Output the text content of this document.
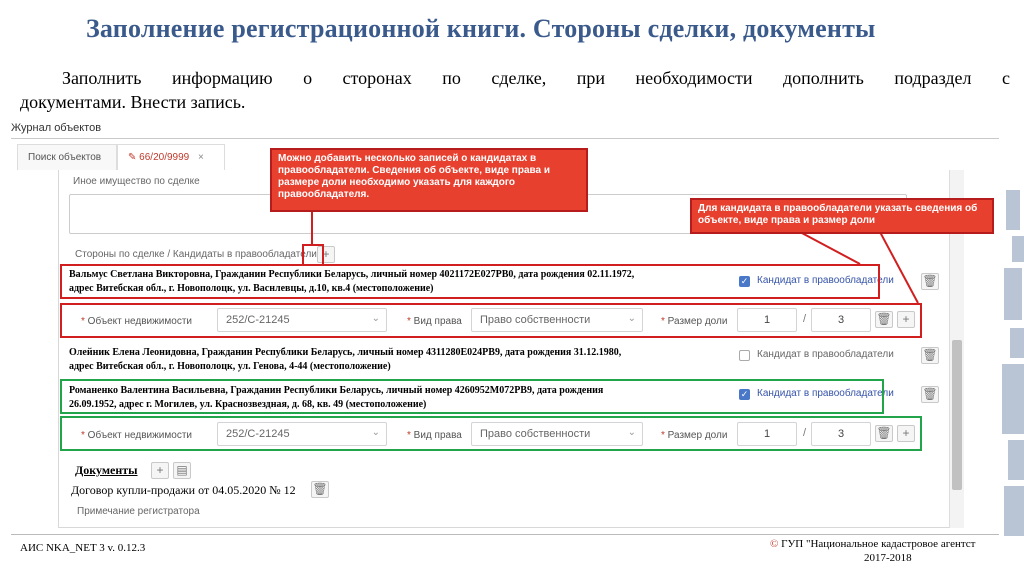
Заполнение регистрационной книги. Стороны сделки, документы
Заполнить информацию о сторонах по сделке, при необходимости дополнить подраздел с
документами. Внести запись.
Журнал объектов
Поиск объектов	✎ 66/20/9999 ×
Иное имущество по сделке
Стороны по сделке / Кандидаты в правообладатели +
Вальмус Светлана Викторовна, Гражданин Республики Беларусь, личный номер 4021172E027PB0, дата рождения 02.11.1972,
адрес Витебская обл., г. Новополоцк, ул. Васнлевцы, д.10, кв.4 (местоположение)
✓ Кандидат в правообладатели 🗑
* Объект недвижимости	252/C-21245	⌄	* Вид права	Право собственности	⌄	* Размер доли	1	/	3	🗑 +
Олейник Елена Леонидовна, Гражданин Республики Беларусь, личный номер 4311280E024PB9, дата рождения 31.12.1980,
адрес Витебская обл., г. Новополоцк, ул. Генова, 4-44 (местоположение)
Кандидат в правообладатели 🗑
Романенко Валентина Васильевна, Гражданин Республики Беларусь, личный номер 4260952M072PB9, дата рождения
26.09.1952, адрес г. Могилев, ул. Краснозвездная, д. 68, кв. 49 (местоположение)
✓ Кандидат в правообладатели 🗑
* Объект недвижимости	252/C-21245	⌄	* Вид права	Право собственности	⌄	* Размер доли	1	/	3	🗑 +
Документы	+	▤
Договор купли-продажи от 04.05.2020 № 12 🗑
Примечание регистратора
Можно добавить несколько записей о кандидатах в правообладатели. Сведения об объекте, виде права и размере доли необходимо указать для каждого правообладателя.
Для кандидата в правообладатели указать сведения об объекте, виде права и размер доли
АИС NKA_NET 3 v. 0.12.3	© ГУП "Национальное кадастровое агентст
2017-2018
